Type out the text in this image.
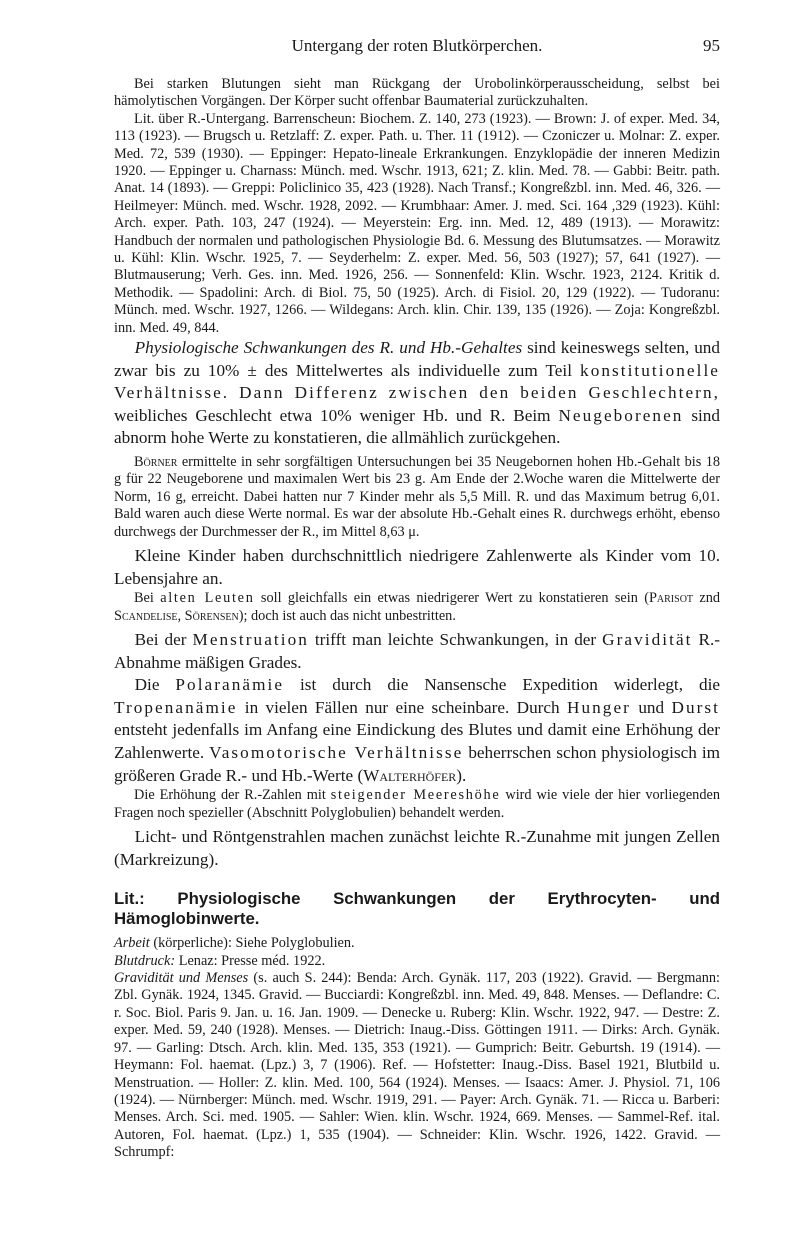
Untergang der roten Blutkörperchen.	95

Bei starken Blutungen sieht man Rückgang der Urobolinkörperausscheidung, selbst bei hämolytischen Vorgängen. Der Körper sucht offenbar Baumaterial zurückzuhalten.

Lit. über R.-Untergang. Barrenscheun: Biochem. Z. 140, 273 (1923). — Brown: J. of exper. Med. 34, 113 (1923). — Brugsch u. Retzlaff: Z. exper. Path. u. Ther. 11 (1912). — Czoniczer u. Molnar: Z. exper. Med. 72, 539 (1930). — Eppinger: Hepato-lineale Erkrankungen. Enzyklopädie der inneren Medizin 1920. — Eppinger u. Charnass: Münch. med. Wschr. 1913, 621; Z. klin. Med. 78. — Gabbi: Beitr. path. Anat. 14 (1893). — Greppi: Policlinico 35, 423 (1928). Nach Transf.; Kongreßzbl. inn. Med. 46, 326. — Heilmeyer: Münch. med. Wschr. 1928, 2092. — Krumbhaar: Amer. J. med. Sci. 164 ,329 (1923). Kühl: Arch. exper. Path. 103, 247 (1924). — Meyerstein: Erg. inn. Med. 12, 489 (1913). — Morawitz: Handbuch der normalen und pathologischen Physiologie Bd. 6. Messung des Blutumsatzes. — Morawitz u. Kühl: Klin. Wschr. 1925, 7. — Seyderhelm: Z. exper. Med. 56, 503 (1927); 57, 641 (1927). — Blutmauserung; Verh. Ges. inn. Med. 1926, 256. — Sonnenfeld: Klin. Wschr. 1923, 2124. Kritik d. Methodik. — Spadolini: Arch. di Biol. 75, 50 (1925). Arch. di Fisiol. 20, 129 (1922). — Tudoranu: Münch. med. Wschr. 1927, 1266. — Wildegans: Arch. klin. Chir. 139, 135 (1926). — Zoja: Kongreßzbl. inn. Med. 49, 844.

Physiologische Schwankungen des R. und Hb.-Gehaltes sind keineswegs selten, und zwar bis zu 10% ± des Mittelwertes als individuelle zum Teil konstitutionelle Verhältnisse. Dann Differenz zwischen den beiden Geschlechtern, weibliches Geschlecht etwa 10% weniger Hb. und R. Beim Neugeborenen sind abnorm hohe Werte zu konstatieren, die allmählich zurückgehen.

Börner ermittelte in sehr sorgfältigen Untersuchungen bei 35 Neugebornen hohen Hb.-Gehalt bis 18 g für 22 Neugeborene und maximalen Wert bis 23 g. Am Ende der 2.Woche waren die Mittelwerte der Norm, 16 g, erreicht. Dabei hatten nur 7 Kinder mehr als 5,5 Mill. R. und das Maximum betrug 6,01. Bald waren auch diese Werte normal. Es war der absolute Hb.-Gehalt eines R. durchwegs erhöht, ebenso durchwegs der Durchmesser der R., im Mittel 8,63 μ.

Kleine Kinder haben durchschnittlich niedrigere Zahlenwerte als Kinder vom 10. Lebensjahre an.

Bei alten Leuten soll gleichfalls ein etwas niedrigerer Wert zu konstatieren sein (Parisot znd Scandelise, Sörensen); doch ist auch das nicht unbestritten.

Bei der Menstruation trifft man leichte Schwankungen, in der Gravidität R.-Abnahme mäßigen Grades.

Die Polaranämie ist durch die Nansensche Expedition widerlegt, die Tropenanämie in vielen Fällen nur eine scheinbare. Durch Hunger und Durst entsteht jedenfalls im Anfang eine Eindickung des Blutes und damit eine Erhöhung der Zahlenwerte. Vasomotorische Verhältnisse beherrschen schon physiologisch im größeren Grade R.- und Hb.-Werte (Walterhöfer).

Die Erhöhung der R.-Zahlen mit steigender Meereshöhe wird wie viele der hier vorliegenden Fragen noch spezieller (Abschnitt Polyglobulien) behandelt werden.

Licht- und Röntgenstrahlen machen zunächst leichte R.-Zunahme mit jungen Zellen (Markreizung).

Lit.: Physiologische Schwankungen der Erythrocyten- und Hämoglobinwerte.

Arbeit (körperliche): Siehe Polyglobulien.

Blutdruck: Lenaz: Presse méd. 1922.

Gravidität und Menses (s. auch S. 244): Benda: Arch. Gynäk. 117, 203 (1922). Gravid. — Bergmann: Zbl. Gynäk. 1924, 1345. Gravid. — Bucciardi: Kongreßzbl. inn. Med. 49, 848. Menses. — Deflandre: C. r. Soc. Biol. Paris 9. Jan. u. 16. Jan. 1909. — Denecke u. Ruberg: Klin. Wschr. 1922, 947. — Destre: Z. exper. Med. 59, 240 (1928). Menses. — Dietrich: Inaug.-Diss. Göttingen 1911. — Dirks: Arch. Gynäk. 97. — Garling: Dtsch. Arch. klin. Med. 135, 353 (1921). — Gumprich: Beitr. Geburtsh. 19 (1914). — Heymann: Fol. haemat. (Lpz.) 3, 7 (1906). Ref. — Hofstetter: Inaug.-Diss. Basel 1921, Blutbild u. Menstruation. — Holler: Z. klin. Med. 100, 564 (1924). Menses. — Isaacs: Amer. J. Physiol. 71, 106 (1924). — Nürnberger: Münch. med. Wschr. 1919, 291. — Payer: Arch. Gynäk. 71. — Ricca u. Barberi: Menses. Arch. Sci. med. 1905. — Sahler: Wien. klin. Wschr. 1924, 669. Menses. — Sammel-Ref. ital. Autoren, Fol. haemat. (Lpz.) 1, 535 (1904). — Schneider: Klin. Wschr. 1926, 1422. Gravid. — Schrumpf:
